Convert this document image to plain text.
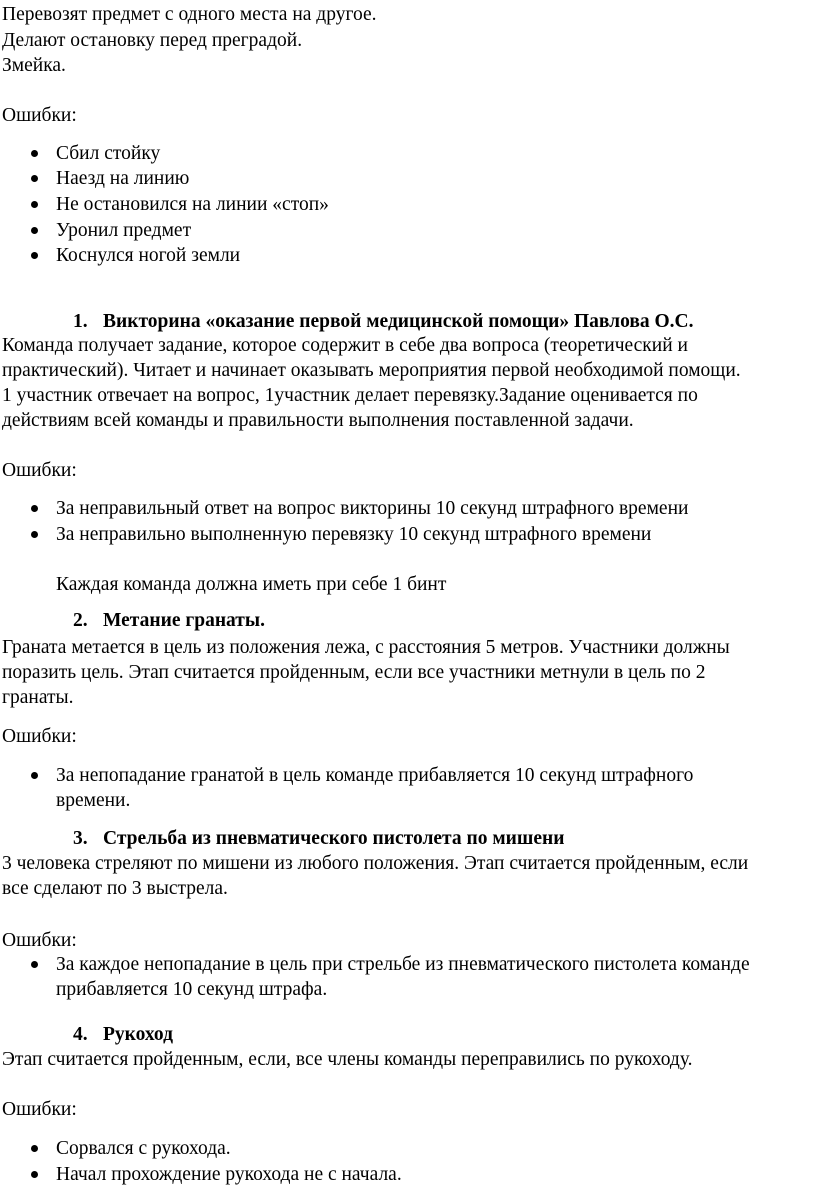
Перевозят предмет с одного места на другое.
Делают остановку перед преградой.
Змейка.
Ошибки:
Сбил стойку
Наезд на линию
Не остановился на линии «стоп»
Уронил предмет
Коснулся ногой земли
1. Викторина «оказание первой медицинской помощи» Павлова О.С.
Команда получает задание, которое содержит в себе два вопроса (теоретический и
практический). Читает и начинает оказывать мероприятия первой необходимой помощи.
1 участник отвечает на вопрос, 1участник делает перевязку.Задание оценивается по
действиям всей команды и правильности выполнения поставленной задачи.
Ошибки:
За неправильный ответ на вопрос викторины 10 секунд штрафного времени
За неправильно выполненную перевязку 10 секунд штрафного времени
Каждая команда должна иметь при себе 1 бинт
2. Метание гранаты.
Граната метается в цель из положения лежа, с расстояния 5 метров. Участники должны
поразить цель. Этап считается пройденным, если все участники метнули в цель по 2
гранаты.
Ошибки:
За непопадание гранатой в цель команде прибавляется 10 секунд штрафного
времени.
3. Стрельба из пневматического пистолета по мишени
3 человека стреляют по мишени из любого положения. Этап считается пройденным, если
все сделают по 3 выстрела.
Ошибки:
За каждое непопадание в цель при стрельбе из пневматического пистолета команде
прибавляется 10 секунд штрафа.
4. Рукоход
Этап считается пройденным, если, все члены команды переправились по рукоходу.
Ошибки:
Сорвался с рукохода.
Начал прохождение рукохода не с начала.
